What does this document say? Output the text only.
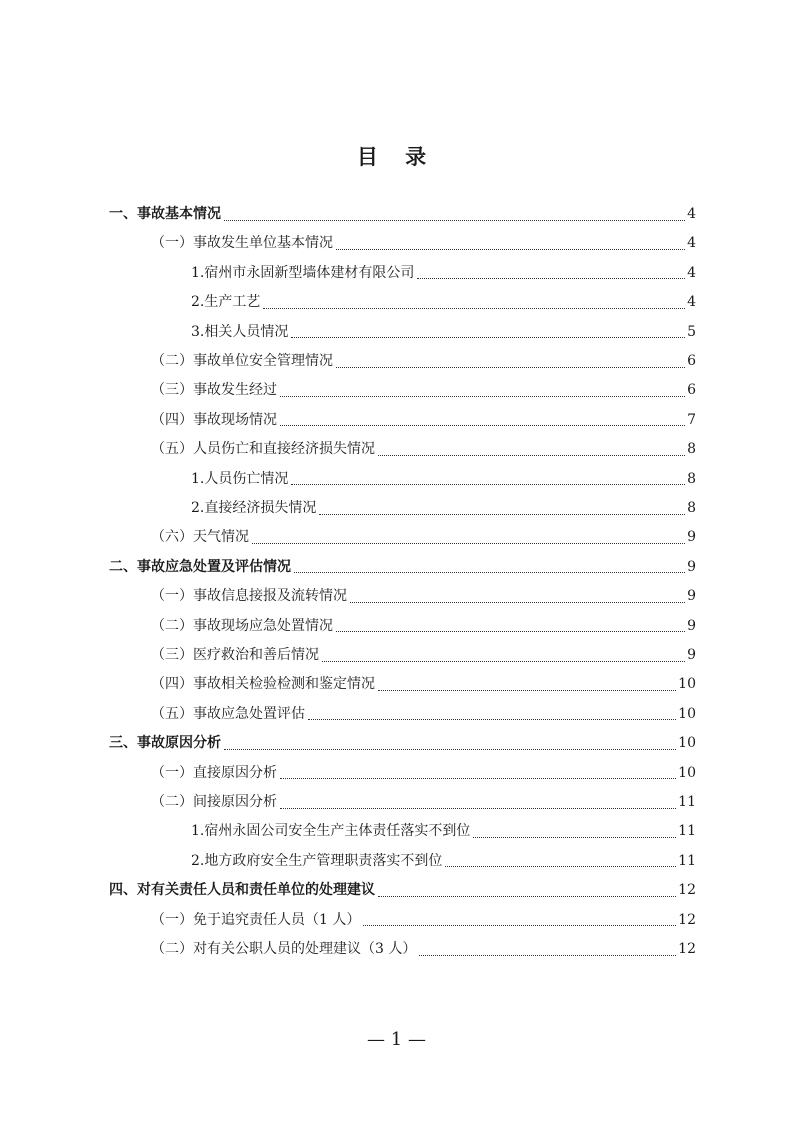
目 录
一、事故基本情况	4
（一）事故发生单位基本情况	4
1.宿州市永固新型墙体建材有限公司	4
2.生产工艺	4
3.相关人员情况	5
（二）事故单位安全管理情况	6
（三）事故发生经过	6
（四）事故现场情况	7
（五）人员伤亡和直接经济损失情况	8
1.人员伤亡情况	8
2.直接经济损失情况	8
（六）天气情况	9
二、事故应急处置及评估情况	9
（一）事故信息接报及流转情况	9
（二）事故现场应急处置情况	9
（三）医疗救治和善后情况	9
（四）事故相关检验检测和鉴定情况	10
（五）事故应急处置评估	10
三、事故原因分析	10
（一）直接原因分析	10
（二）间接原因分析	11
1.宿州永固公司安全生产主体责任落实不到位	11
2.地方政府安全生产管理职责落实不到位	11
四、对有关责任人员和责任单位的处理建议	12
（一）免于追究责任人员（1 人）	12
（二）对有关公职人员的处理建议（3 人）	12
— 1 —
